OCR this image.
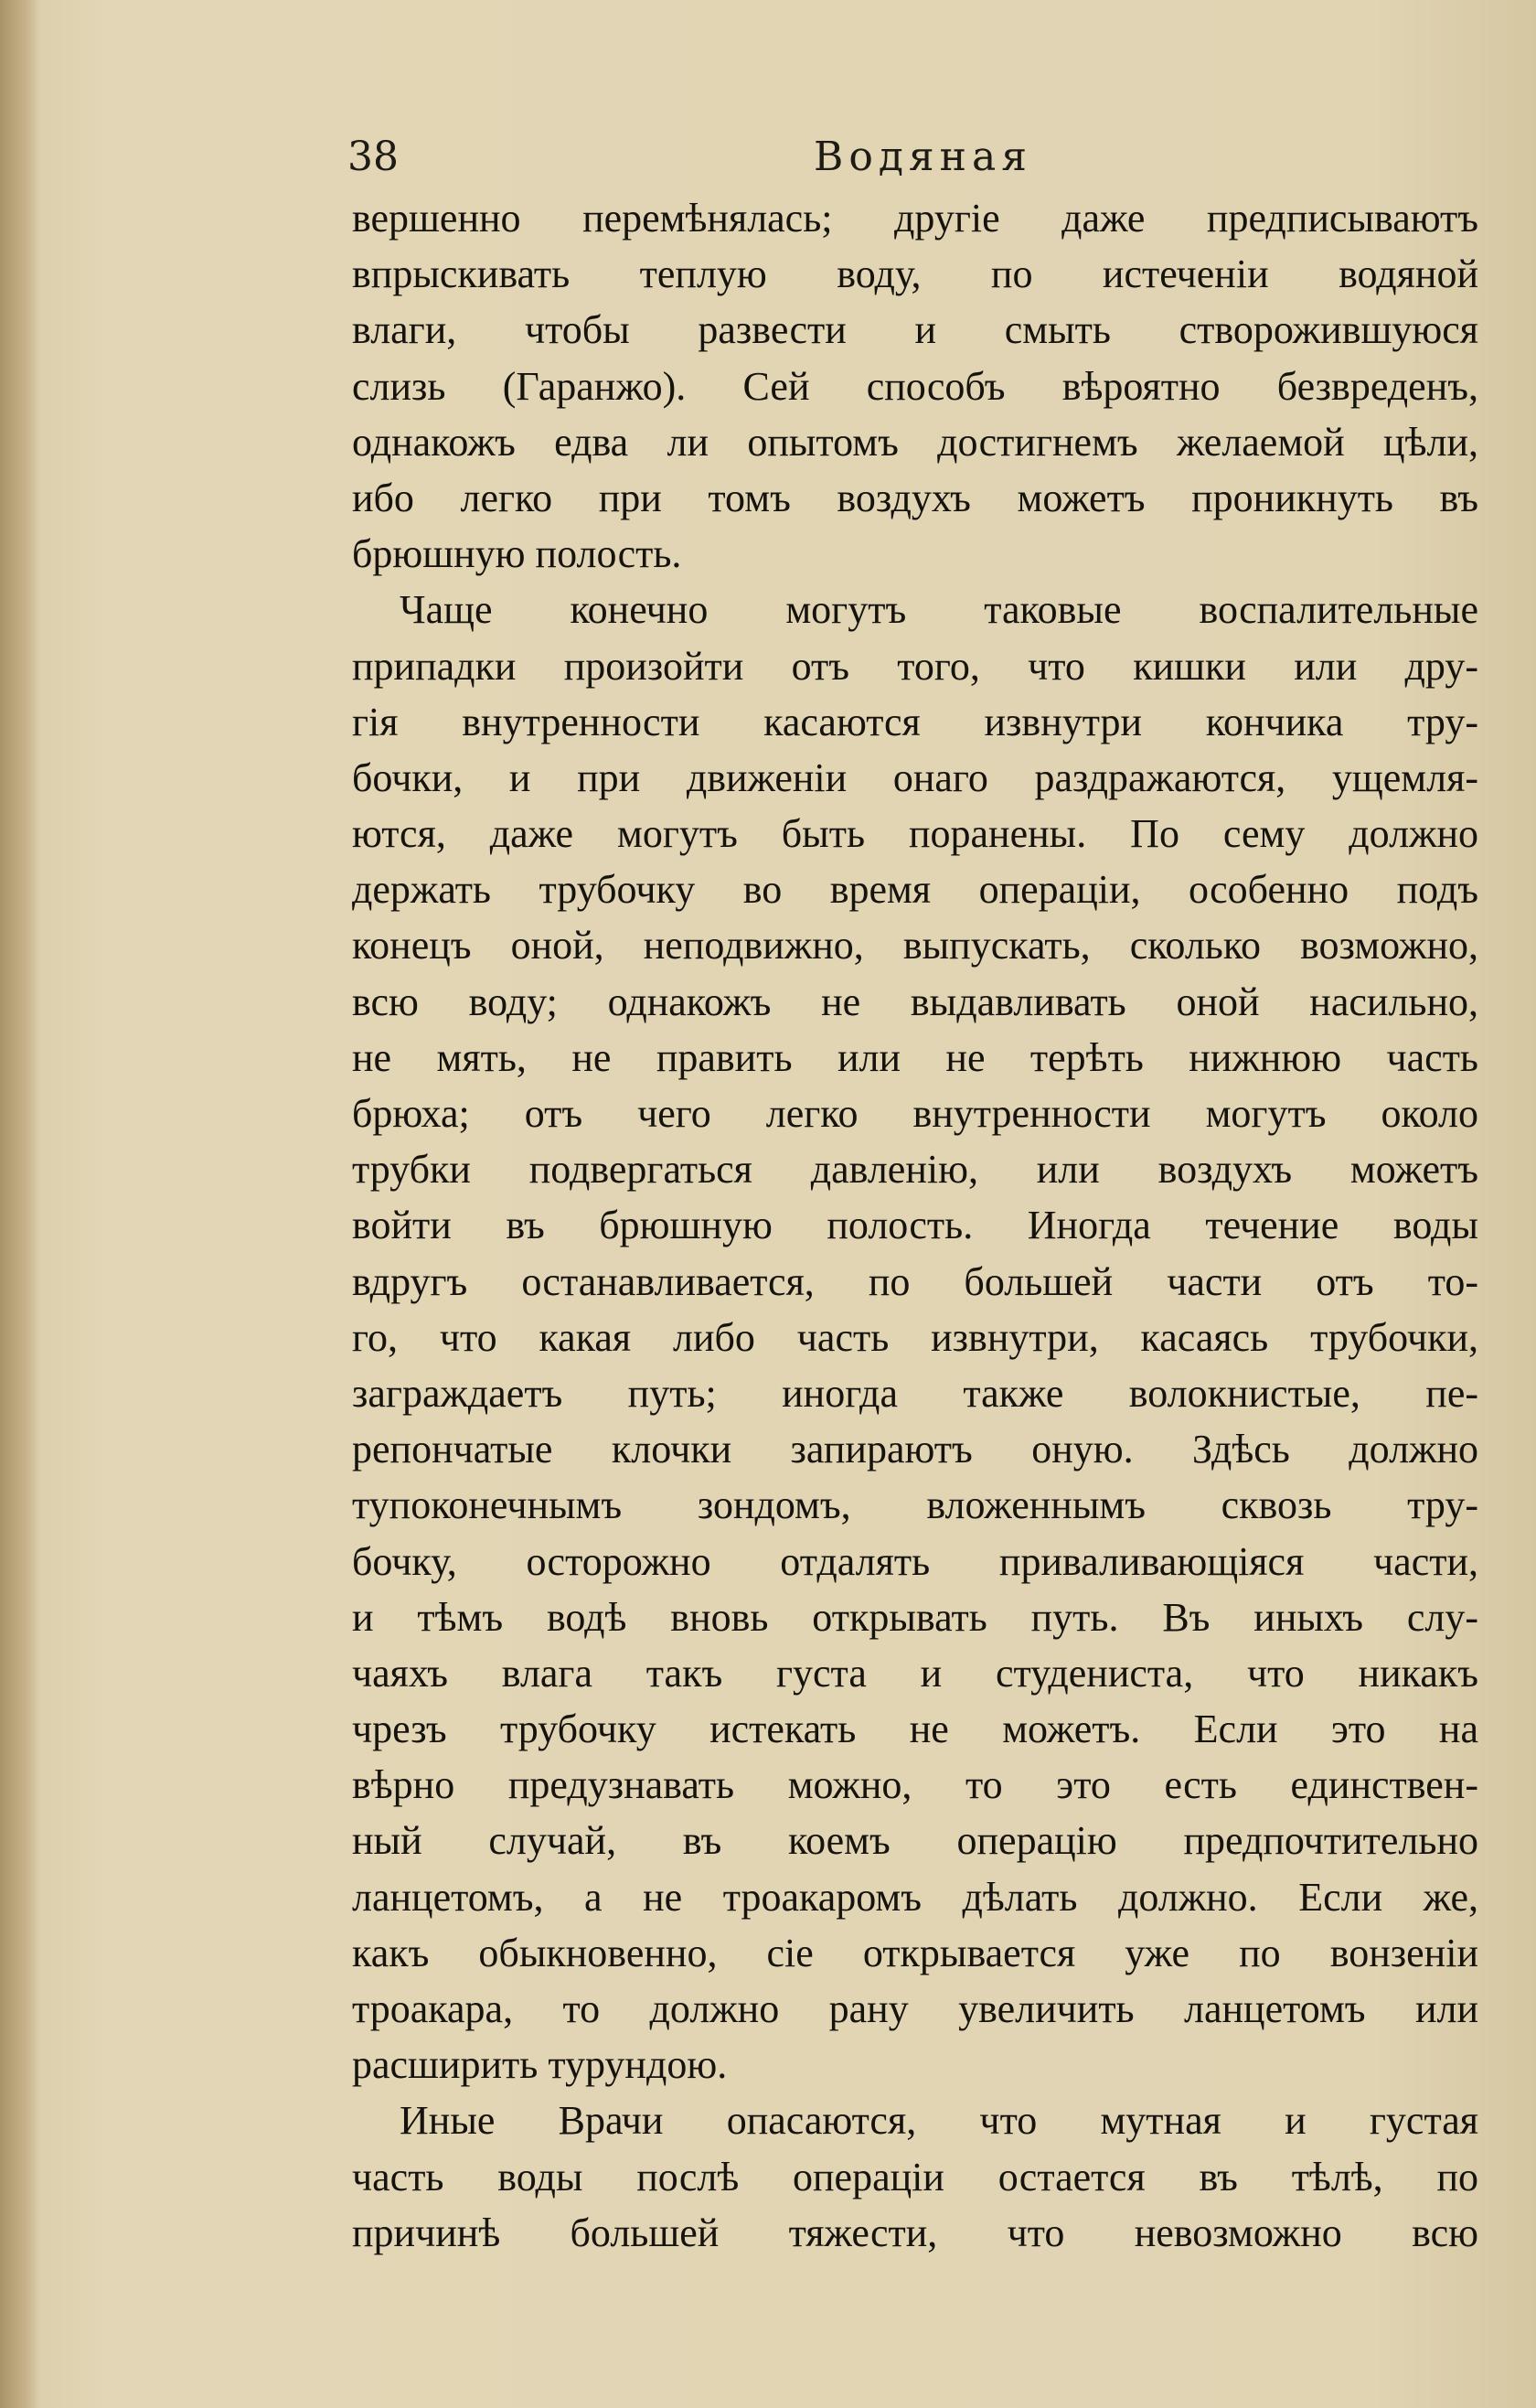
38	Водяная
вершенно перемѣнялась; другіе даже предписываютъ
впрыскивать теплую воду, по истеченіи водяной
влаги, чтобы развести и смыть створожившуюся
слизь (Гаранжо). Сей способъ вѣроятно безвреденъ,
однакожъ едва ли опытомъ достигнемъ желаемой цѣли,
ибо легко при томъ воздухъ можетъ проникнуть въ
брюшную полость.
Чаще конечно могутъ таковые воспалительные
припадки произойти отъ того, что кишки или дру-
гія внутренности касаются извнутри кончика тру-
бочки, и при движеніи онаго раздражаются, ущемля-
ются, даже могутъ быть поранены. По сему должно
держать трубочку во время операціи, особенно подъ
конецъ оной, неподвижно, выпускать, сколько возможно,
всю воду; однакожъ не выдавливать оной насильно,
не мять, не править или не терѣть нижнюю часть
брюха; отъ чего легко внутренности могутъ около
трубки подвергаться давленію, или воздухъ можетъ
войти въ брюшную полость. Иногда течение воды
вдругъ останавливается, по большей части отъ то-
го, что какая либо часть извнутри, касаясь трубочки,
заграждаетъ путь; иногда также волокнистые, пе-
репончатые клочки запираютъ оную. Здѣсь должно
тупоконечнымъ зондомъ, вложеннымъ сквозь тру-
бочку, осторожно отдалять приваливающіяся части,
и тѣмъ водѣ вновь открывать путь. Въ иныхъ слу-
чаяхъ влага такъ густа и студениста, что никакъ
чрезъ трубочку истекать не можетъ. Если это на
вѣрно предузнавать можно, то это есть единствен-
ный случай, въ коемъ операцію предпочтительно
ланцетомъ, а не троакаромъ дѣлать должно. Если же,
какъ обыкновенно, сіе открывается уже по вонзеніи
троакара, то должно рану увеличить ланцетомъ или
расширить турундою.
Иные Врачи опасаются, что мутная и густая
часть воды послѣ операціи остается въ тѣлѣ, по
причинѣ большей тяжести, что невозможно всю
